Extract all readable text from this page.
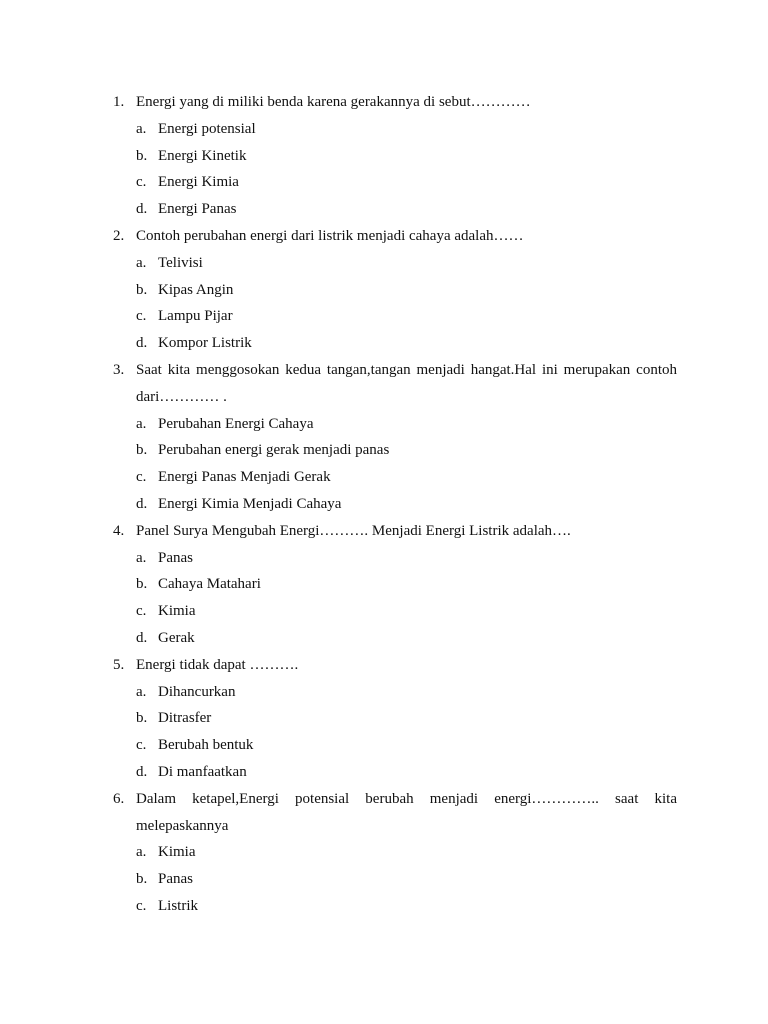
1. Energi yang di miliki benda karena gerakannya di sebut…………
a. Energi potensial
b. Energi Kinetik
c. Energi Kimia
d. Energi Panas
2. Contoh perubahan energi dari listrik menjadi cahaya adalah……
a. Telivisi
b. Kipas Angin
c. Lampu Pijar
d. Kompor Listrik
3. Saat kita menggosokan kedua tangan,tangan menjadi hangat.Hal ini merupakan contoh
dari………… .
a. Perubahan Energi Cahaya
b. Perubahan energi gerak menjadi panas
c. Energi Panas Menjadi Gerak
d. Energi Kimia Menjadi Cahaya
4. Panel Surya Mengubah Energi………. Menjadi Energi Listrik adalah….
a. Panas
b. Cahaya Matahari
c. Kimia
d. Gerak
5. Energi tidak dapat ……….
a. Dihancurkan
b. Ditrasfer
c. Berubah bentuk
d. Di manfaatkan
6. Dalam ketapel,Energi potensial berubah menjadi energi………….. saat kita
melepaskannya
a. Kimia
b. Panas
c. Listrik
